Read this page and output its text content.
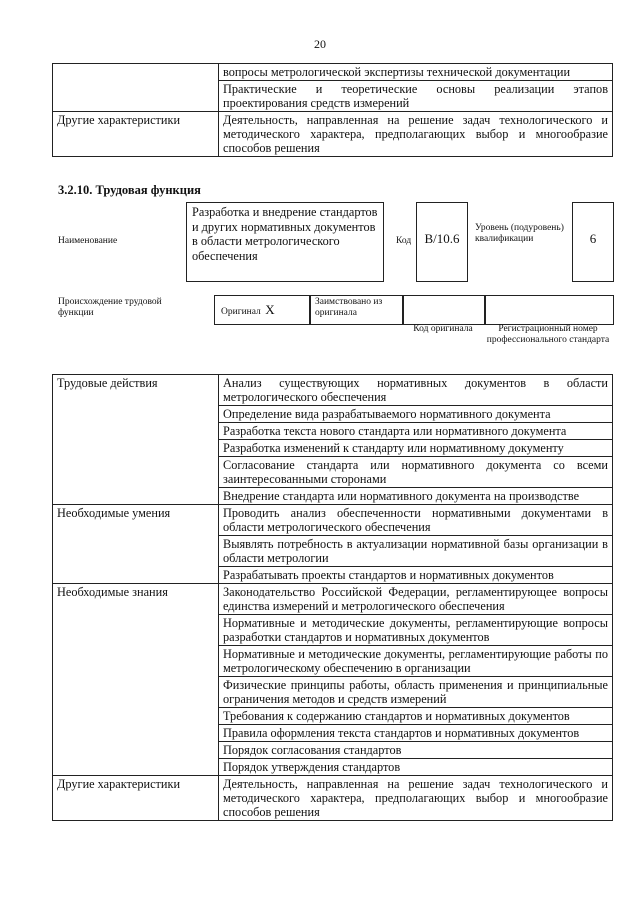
20
	вопросы метрологической экспертизы технической документации
	Практические и теоретические основы реализации этапов проектирования средств измерений
Другие характеристики	Деятельность, направленная на решение задач технологического и методического характера, предполагающих выбор и многообразие способов решения
3.2.10. Трудовая функция
Наименование
Разработка и внедрение стандартов и других нормативных документов в области метрологического обеспечения
Код	В/10.6
Уровень (подуровень) квалификации	6
Происхождение трудовой функции	Оригинал Х	Заимствовано из оригинала
Код оригинала	Регистрационный номер профессионального стандарта
Трудовые действия	Анализ существующих нормативных документов в области метрологического обеспечения
	Определение вида разрабатываемого нормативного документа
	Разработка текста нового стандарта или нормативного документа
	Разработка изменений к стандарту или нормативному документу
	Согласование стандарта или нормативного документа со всеми заинтересованными сторонами
	Внедрение стандарта или нормативного документа на производстве
Необходимые умения	Проводить анализ обеспеченности нормативными документами в области метрологического обеспечения
	Выявлять потребность в актуализации нормативной базы организации в области метрологии
	Разрабатывать проекты стандартов и нормативных документов
Необходимые знания	Законодательство Российской Федерации, регламентирующее вопросы единства измерений и метрологического обеспечения
	Нормативные и методические документы, регламентирующие вопросы разработки стандартов и нормативных документов
	Нормативные и методические документы, регламентирующие работы по метрологическому обеспечению в организации
	Физические принципы работы, область применения и принципиальные ограничения методов и средств измерений
	Требования к содержанию стандартов и нормативных документов
	Правила оформления текста стандартов и нормативных документов
	Порядок согласования стандартов
	Порядок утверждения стандартов
Другие характеристики	Деятельность, направленная на решение задач технологического и методического характера, предполагающих выбор и многообразие способов решения
